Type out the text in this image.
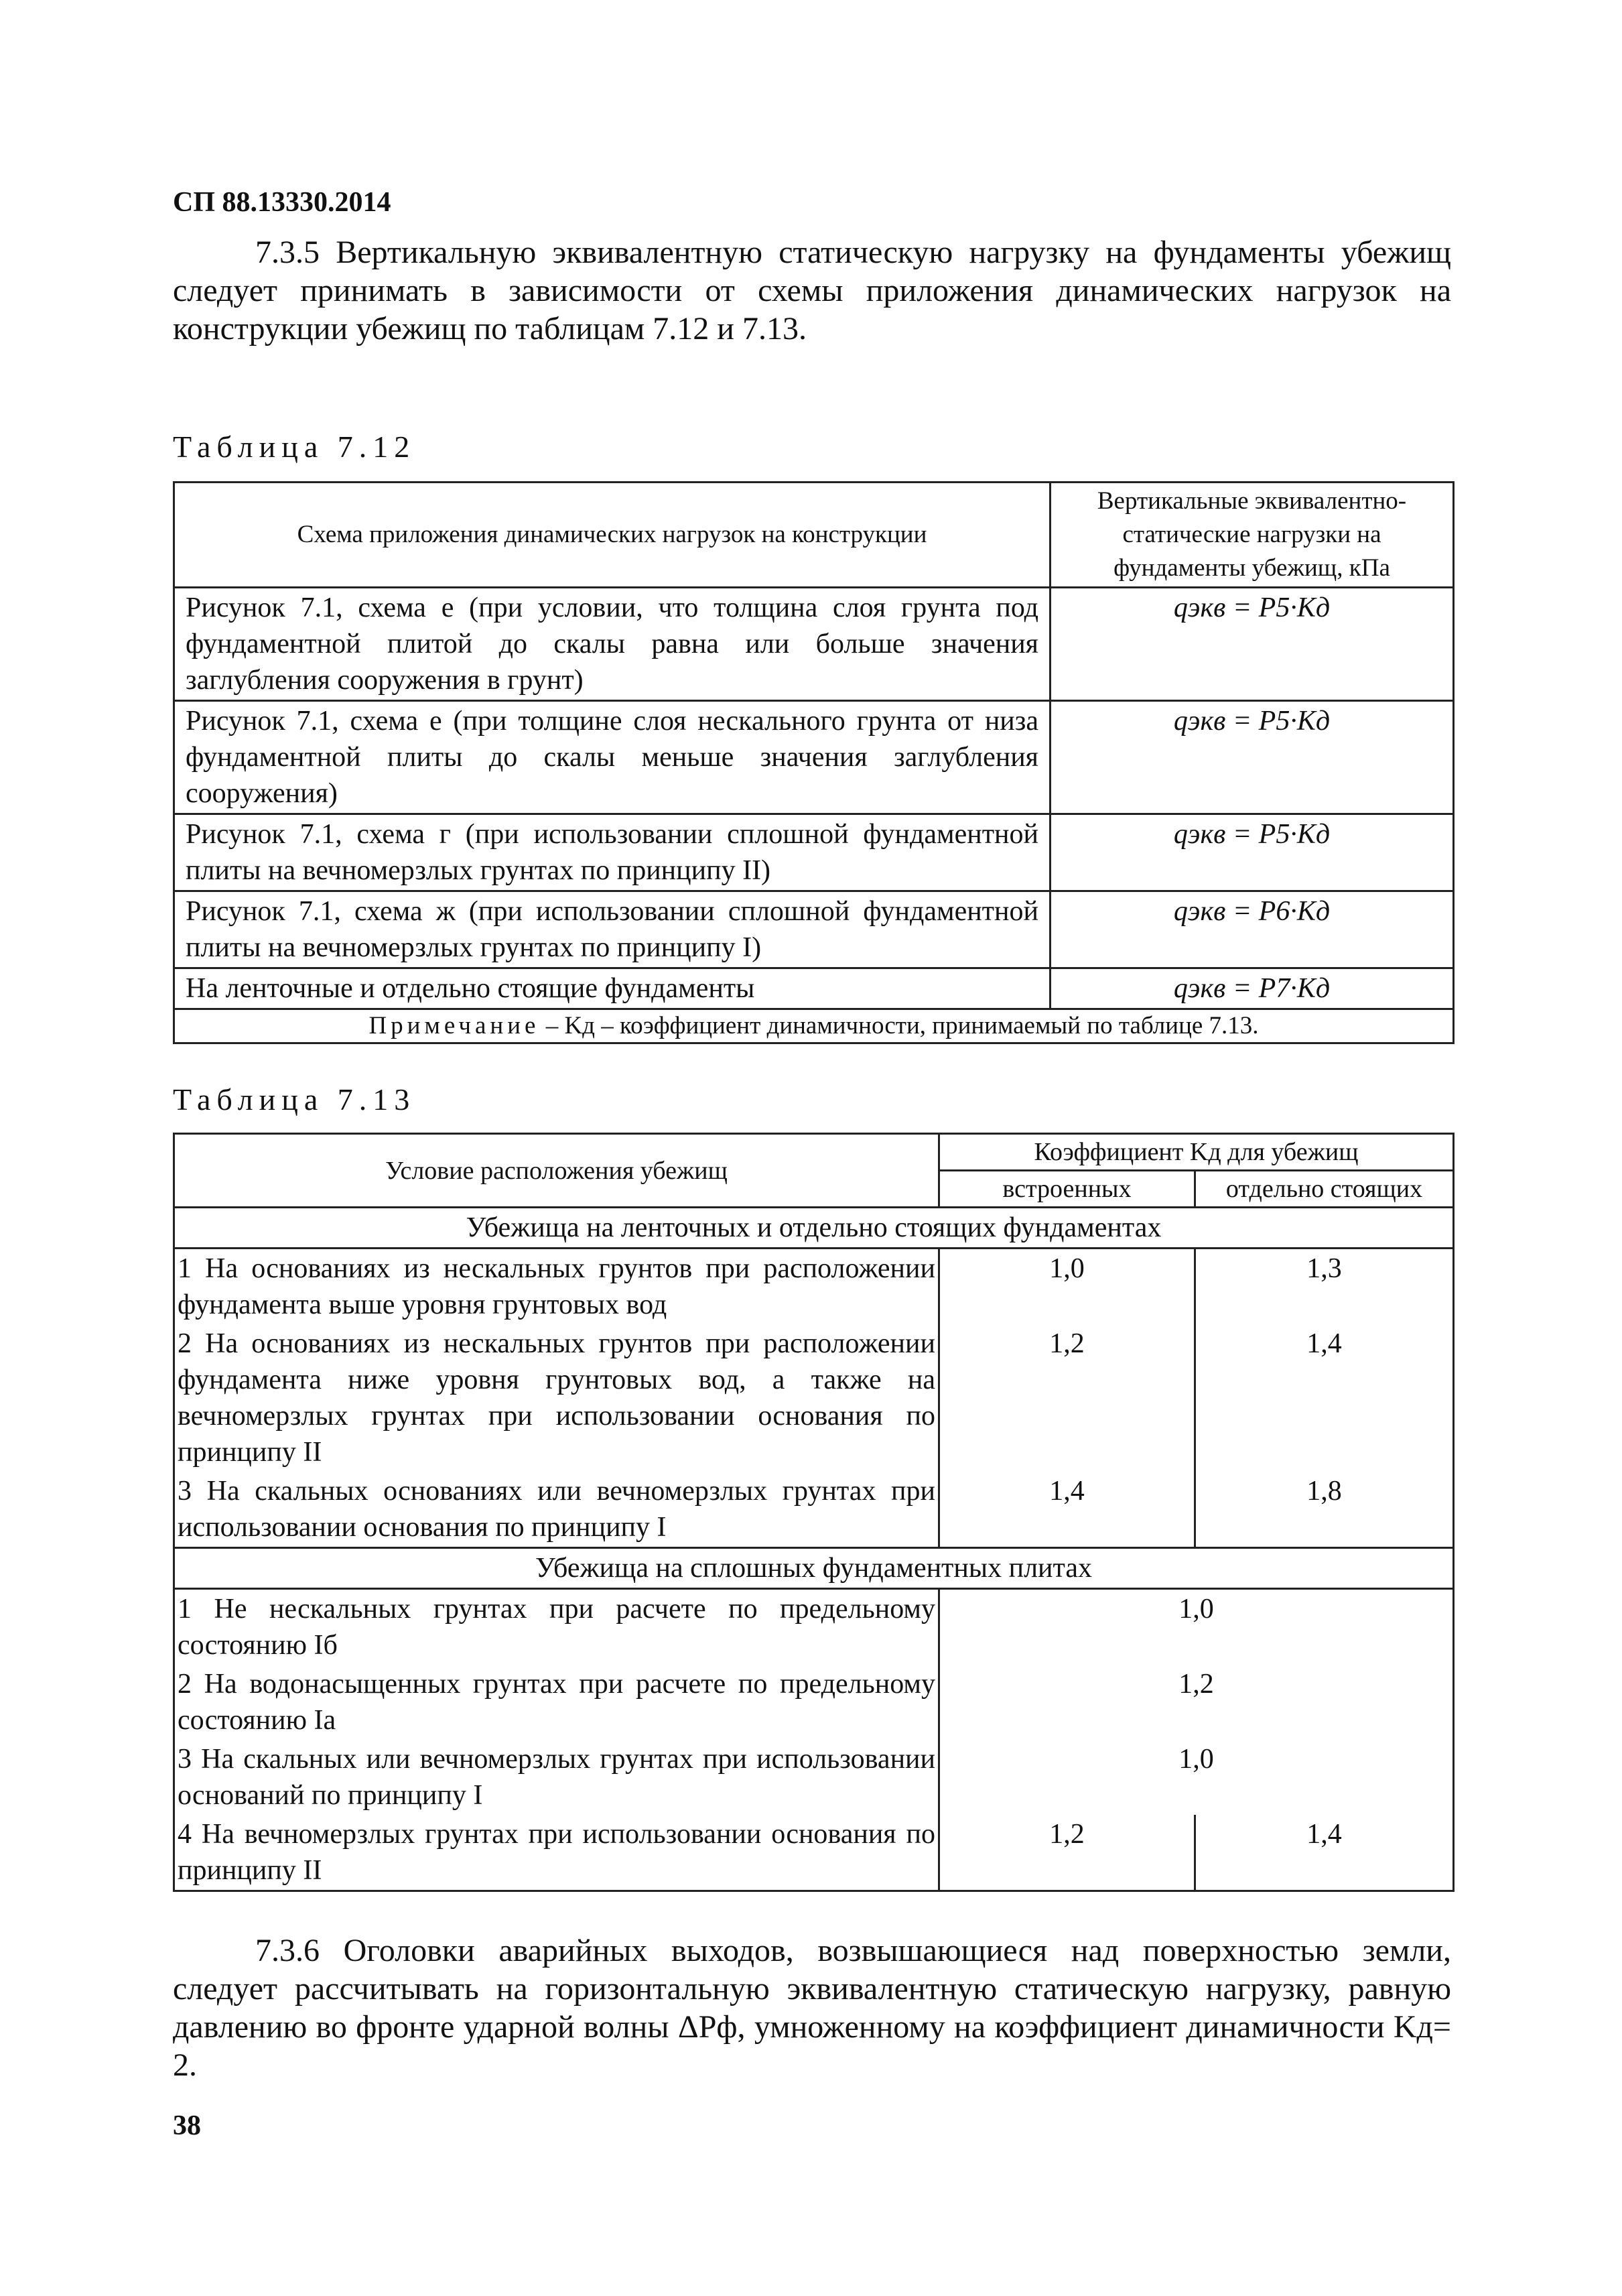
СП 88.13330.2014

7.3.5 Вертикальную эквивалентную статическую нагрузку на фундаменты убежищ следует принимать в зависимости от схемы приложения динамических нагрузок на конструкции убежищ по таблицам 7.12 и 7.13.

Таблица 7.12
Схема приложения динамических нагрузок на конструкции	Вертикальные эквивалентно-статические нагрузки на фундаменты убежищ, кПа
Рисунок 7.1, схема е (при условии, что толщина слоя грунта под фундаментной плитой до скалы равна или больше значения заглубления сооружения в грунт)	qэкв = P5·Kд
Рисунок 7.1, схема е (при толщине слоя нескального грунта от низа фундаментной плиты до скалы меньше значения заглубления сооружения)	qэкв = P5·Kд
Рисунок 7.1, схема г (при использовании сплошной фундаментной плиты на вечномерзлых грунтах по принципу II)	qэкв = P5·Kд
Рисунок 7.1, схема ж (при использовании сплошной фундаментной плиты на вечномерзлых грунтах по принципу I)	qэкв = P6·Kд
На ленточные и отдельно стоящие фундаменты	qэкв = P7·Kд
Примечание – Kд – коэффициент динамичности, принимаемый по таблице 7.13.	
Таблица 7.13
Условие расположения убежищ	Коэффициент Kд для убежищ	
	встроенных	отдельно стоящих
Убежища на ленточных и отдельно стоящих фундаментах		
1 На основаниях из нескальных грунтов при расположении фундамента выше уровня грунтовых вод	1,0	1,3
2 На основаниях из нескальных грунтов при расположении фундамента ниже уровня грунтовых вод, а также на вечномерзлых грунтах при использовании основания по принципу II	1,2	1,4
3 На скальных основаниях или вечномерзлых грунтах при использовании основания по принципу I	1,4	1,8
Убежища на сплошных фундаментных плитах		
1 Не нескальных грунтах при расчете по предельному состоянию Iб	1,0	
2 На водонасыщенных грунтах при расчете по предельному состоянию Iа	1,2	
3 На скальных или вечномерзлых грунтах при использовании оснований по принципу I	1,0	
4 На вечномерзлых грунтах при использовании основания по принципу II	1,2	1,4

7.3.6 Оголовки аварийных выходов, возвышающиеся над поверхностью земли, следует рассчитывать на горизонтальную эквивалентную статическую нагрузку, равную давлению во фронте ударной волны ΔPф, умноженному на коэффициент динамичности Kд= 2.

38
